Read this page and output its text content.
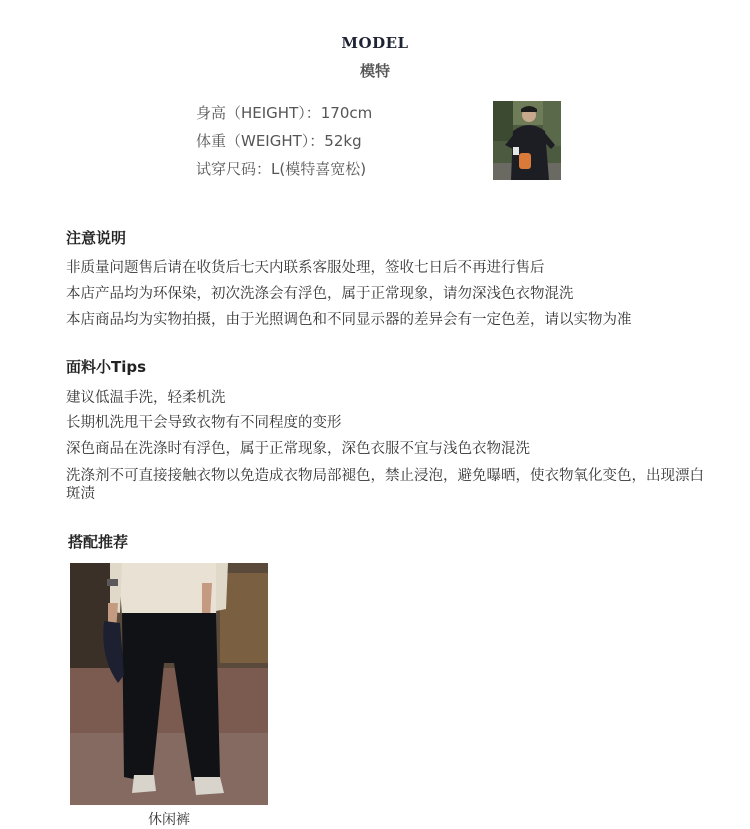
MODEL
模特
身高（HEIGHT）：170cm
体重（WEIGHT）：52kg
试穿尺码：L(模特喜宽松)
注意说明
非质量问题售后请在收货后七天内联系客服处理，签收七日后不再进行售后
本店产品均为环保染，初次洗涤会有浮色，属于正常现象，请勿深浅色衣物混洗
本店商品均为实物拍摄，由于光照调色和不同显示器的差异会有一定色差，请以实物为准
面料小Tips
建议低温手洗，轻柔机洗
长期机洗甩干会导致衣物有不同程度的变形
深色商品在洗涤时有浮色，属于正常现象，深色衣服不宜与浅色衣物混洗
洗涤剂不可直接接触衣物以免造成衣物局部褪色，禁止浸泡，避免曝晒，使衣物氧化变色，出现漂白斑渍
搭配推荐
休闲裤
